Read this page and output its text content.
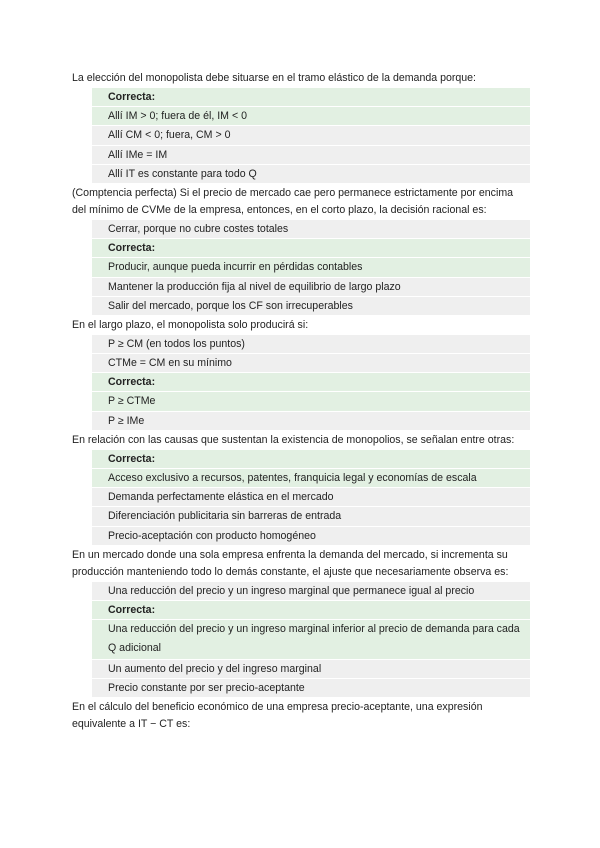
La elección del monopolista debe situarse en el tramo elástico de la demanda porque:

Correcta:
Allí IM > 0; fuera de él, IM < 0
Allí CM < 0; fuera, CM > 0
Allí IMe = IM
Allí IT es constante para todo Q

(Comptencia perfecta) Si el precio de mercado cae pero permanece estrictamente por encima del mínimo de CVMe de la empresa, entonces, en el corto plazo, la decisión racional es:

Cerrar, porque no cubre costes totales
Correcta:
Producir, aunque pueda incurrir en pérdidas contables
Mantener la producción fija al nivel de equilibrio de largo plazo
Salir del mercado, porque los CF son irrecuperables

En el largo plazo, el monopolista solo producirá si:

P ≥ CM (en todos los puntos)
CTMe = CM en su mínimo
Correcta:
P ≥ CTMe
P ≥ IMe

En relación con las causas que sustentan la existencia de monopolios, se señalan entre otras:

Correcta:
Acceso exclusivo a recursos, patentes, franquicia legal y economías de escala
Demanda perfectamente elástica en el mercado
Diferenciación publicitaria sin barreras de entrada
Precio-aceptación con producto homogéneo

En un mercado donde una sola empresa enfrenta la demanda del mercado, si incrementa su producción manteniendo todo lo demás constante, el ajuste que necesariamente observa es:

Una reducción del precio y un ingreso marginal que permanece igual al precio
Correcta:
Una reducción del precio y un ingreso marginal inferior al precio de demanda para cada Q adicional
Un aumento del precio y del ingreso marginal
Precio constante por ser precio-aceptante

En el cálculo del beneficio económico de una empresa precio-aceptante, una expresión equivalente a IT − CT es:
